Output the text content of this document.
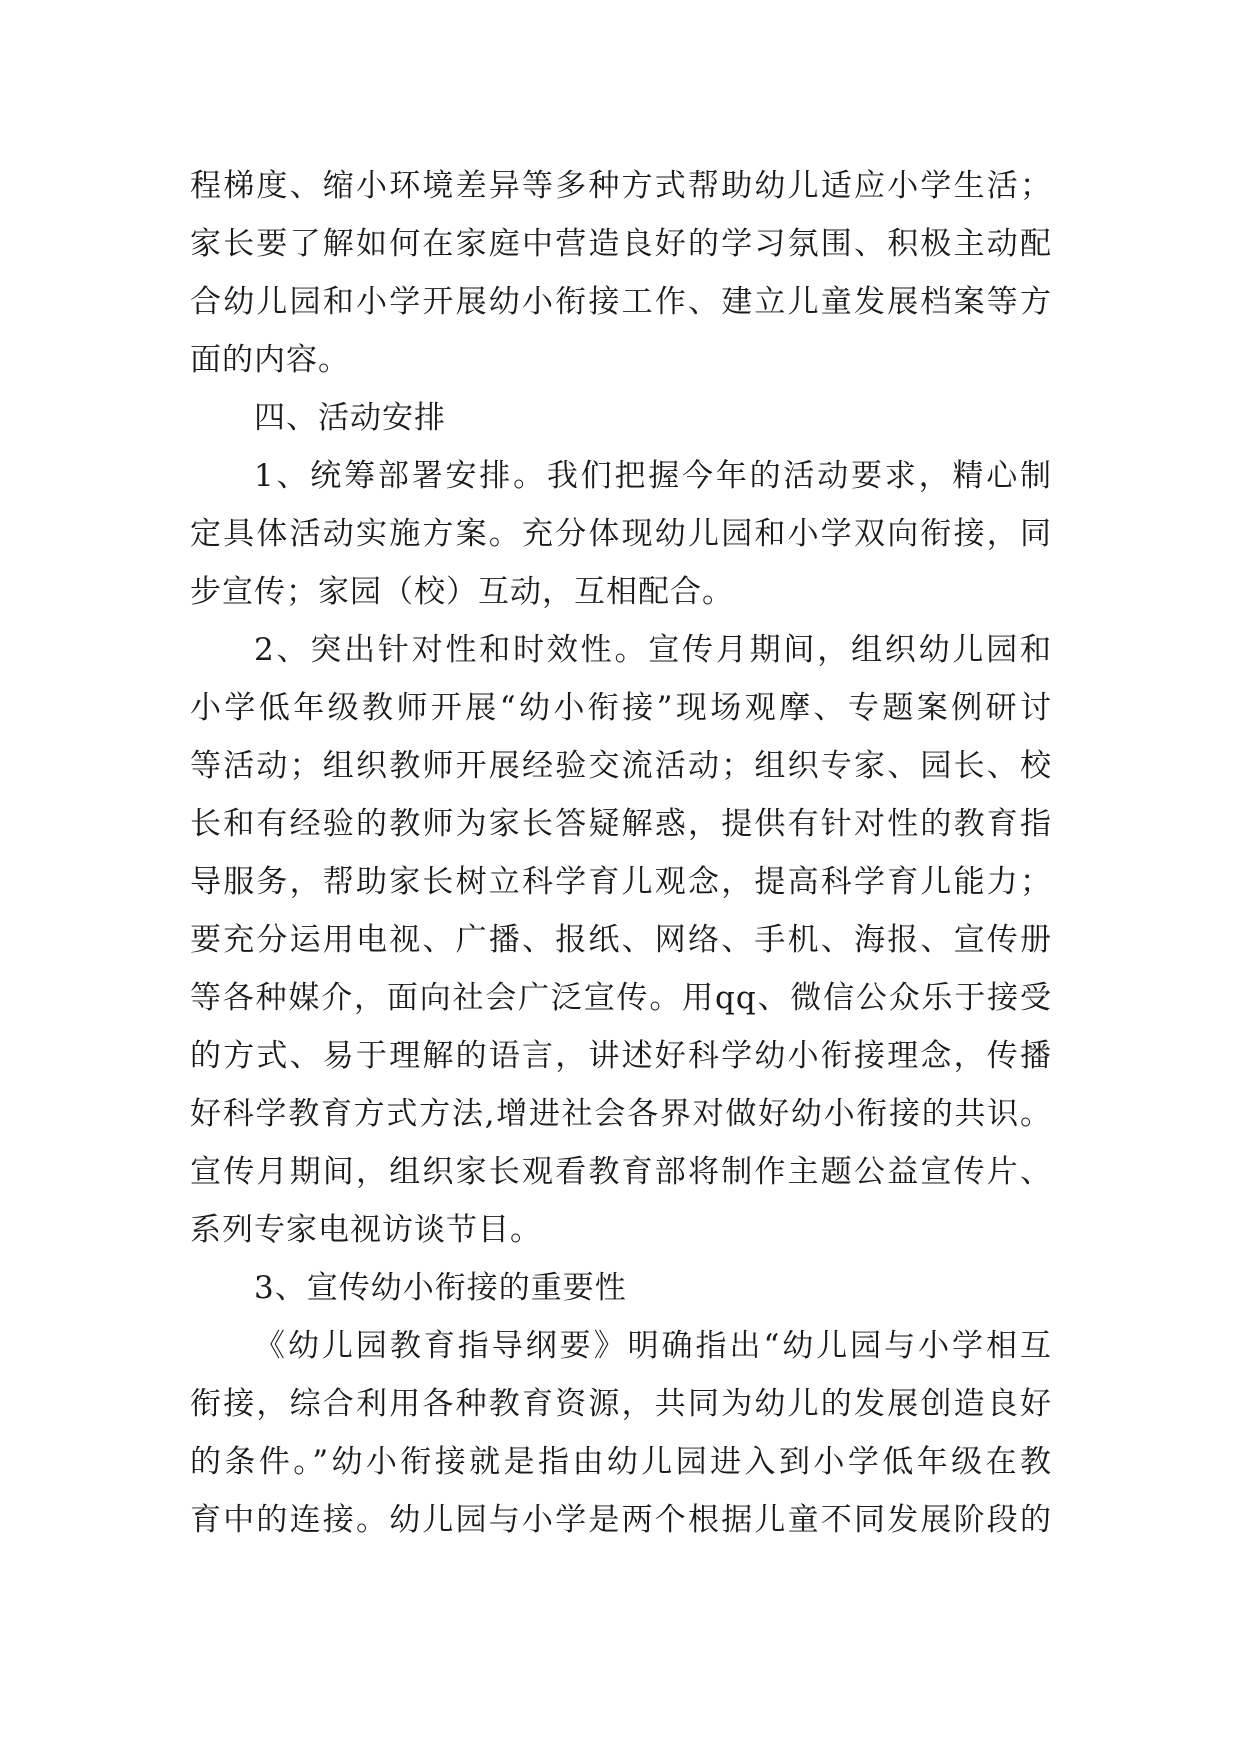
程梯度、缩小环境差异等多种方式帮助幼儿适应小学生活；
家长要了解如何在家庭中营造良好的学习氛围、积极主动配
合幼儿园和小学开展幼小衔接工作、建立儿童发展档案等方
面的内容。
四、活动安排
1、统筹部署安排。我们把握今年的活动要求，精心制
定具体活动实施方案。充分体现幼儿园和小学双向衔接，同
步宣传；家园（校）互动，互相配合。
2、突出针对性和时效性。宣传月期间，组织幼儿园和
小学低年级教师开展“幼小衔接”现场观摩、专题案例研讨
等活动；组织教师开展经验交流活动；组织专家、园长、校
长和有经验的教师为家长答疑解惑，提供有针对性的教育指
导服务，帮助家长树立科学育儿观念，提高科学育儿能力；
要充分运用电视、广播、报纸、网络、手机、海报、宣传册
等各种媒介，面向社会广泛宣传。用qq、微信公众乐于接受
的方式、易于理解的语言，讲述好科学幼小衔接理念，传播
好科学教育方式方法,增进社会各界对做好幼小衔接的共识。
宣传月期间，组织家长观看教育部将制作主题公益宣传片、
系列专家电视访谈节目。
3、宣传幼小衔接的重要性
《幼儿园教育指导纲要》明确指出“幼儿园与小学相互
衔接，综合利用各种教育资源，共同为幼儿的发展创造良好
的条件。”幼小衔接就是指由幼儿园进入到小学低年级在教
育中的连接。幼儿园与小学是两个根据儿童不同发展阶段的
